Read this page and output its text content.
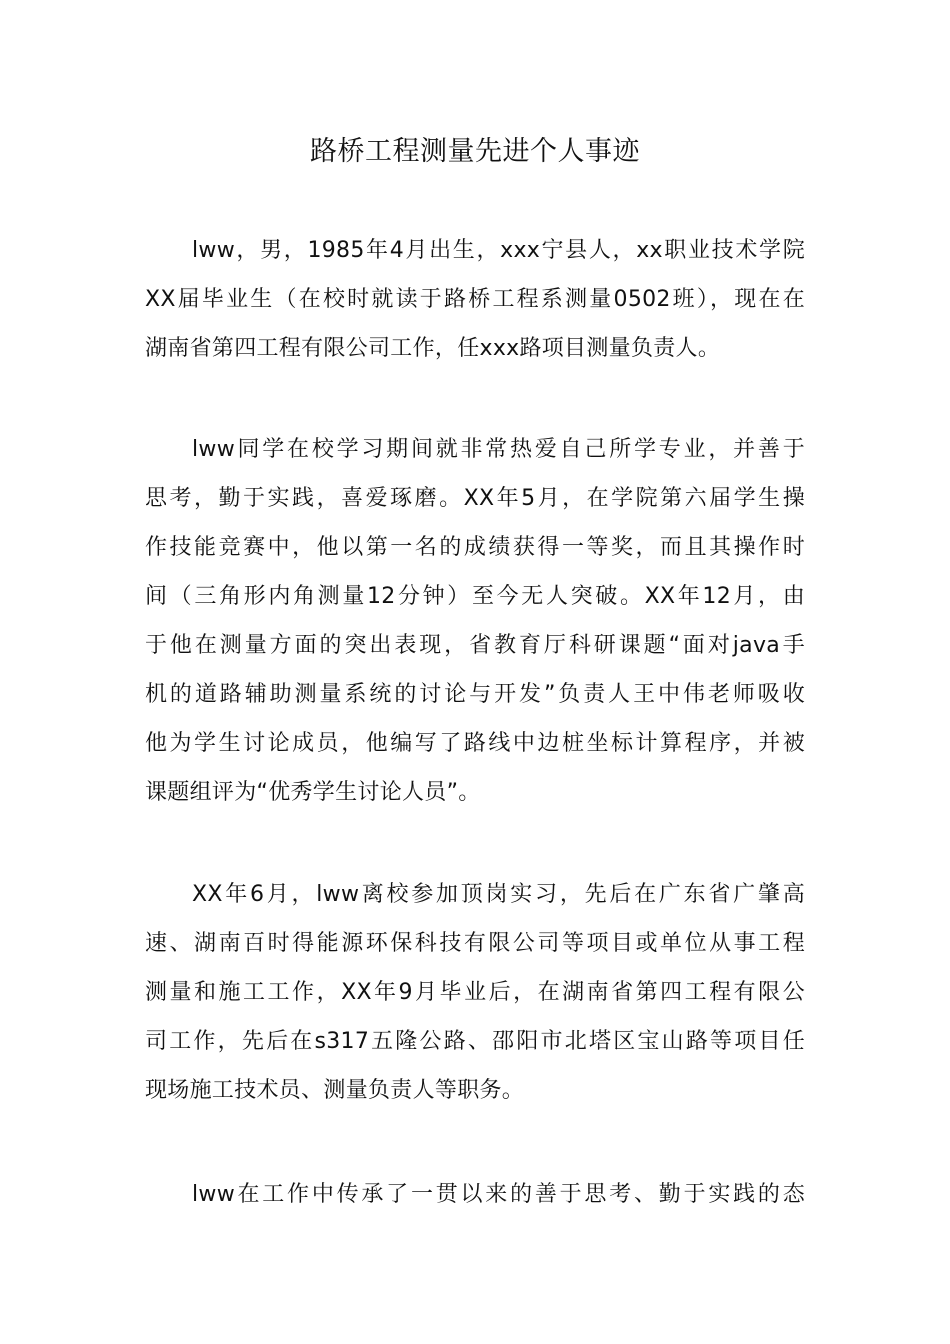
路桥工程测量先进个人事迹
lww，男，1985年4月出生，xxx宁县人，xx职业技术学院
XX届毕业生（在校时就读于路桥工程系测量0502班），现在在
湖南省第四工程有限公司工作，任xxx路项目测量负责人。
lww同学在校学习期间就非常热爱自己所学专业，并善于
思考，勤于实践，喜爱琢磨。XX年5月，在学院第六届学生操
作技能竞赛中，他以第一名的成绩获得一等奖，而且其操作时
间（三角形内角测量12分钟）至今无人突破。XX年12月，由
于他在测量方面的突出表现，省教育厅科研课题“面对java手
机的道路辅助测量系统的讨论与开发”负责人王中伟老师吸收
他为学生讨论成员，他编写了路线中边桩坐标计算程序，并被
课题组评为“优秀学生讨论人员”。
XX年6月，lww离校参加顶岗实习，先后在广东省广肇高
速、湖南百时得能源环保科技有限公司等项目或单位从事工程
测量和施工工作，XX年9月毕业后，在湖南省第四工程有限公
司工作，先后在s317五隆公路、邵阳市北塔区宝山路等项目任
现场施工技术员、测量负责人等职务。
lww在工作中传承了一贯以来的善于思考、勤于实践的态
